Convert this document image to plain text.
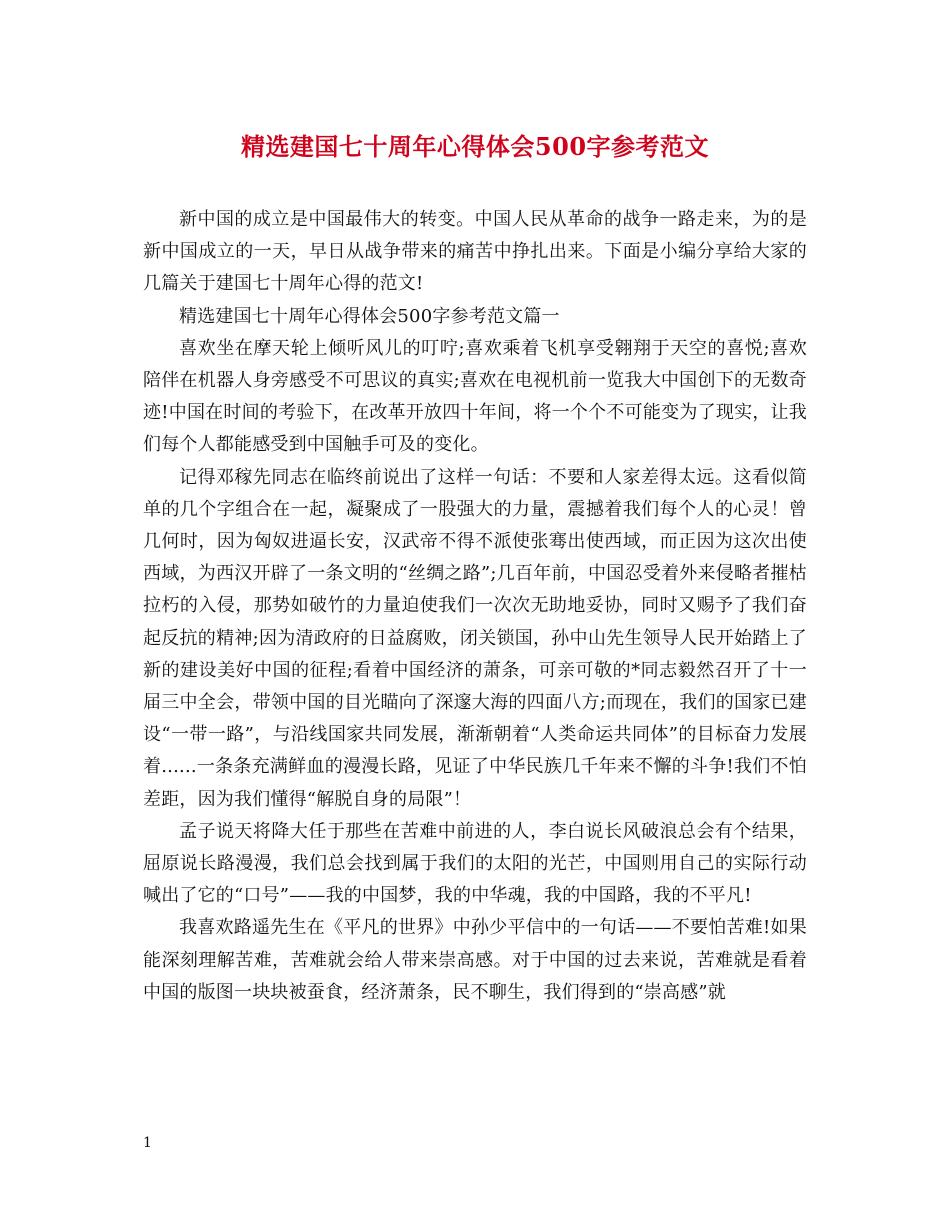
精选建国七十周年心得体会500字参考范文

新中国的成立是中国最伟大的转变。中国人民从革命的战争一路走来，为的是新中国成立的一天，早日从战争带来的痛苦中挣扎出来。下面是小编分享给大家的几篇关于建国七十周年心得的范文!

精选建国七十周年心得体会500字参考范文篇一

喜欢坐在摩天轮上倾听风儿的叮咛;喜欢乘着飞机享受翱翔于天空的喜悦;喜欢陪伴在机器人身旁感受不可思议的真实;喜欢在电视机前一览我大中国创下的无数奇迹!中国在时间的考验下，在改革开放四十年间，将一个个不可能变为了现实，让我们每个人都能感受到中国触手可及的变化。

记得邓稼先同志在临终前说出了这样一句话：不要和人家差得太远。这看似简单的几个字组合在一起，凝聚成了一股强大的力量，震撼着我们每个人的心灵！曾几何时，因为匈奴进逼长安，汉武帝不得不派使张骞出使西域，而正因为这次出使西域，为西汉开辟了一条文明的“丝绸之路”;几百年前，中国忍受着外来侵略者摧枯拉朽的入侵，那势如破竹的力量迫使我们一次次无助地妥协，同时又赐予了我们奋起反抗的精神;因为清政府的日益腐败，闭关锁国，孙中山先生领导人民开始踏上了新的建设美好中国的征程;看着中国经济的萧条，可亲可敬的*同志毅然召开了十一届三中全会，带领中国的目光瞄向了深邃大海的四面八方;而现在，我们的国家已建设“一带一路”，与沿线国家共同发展，渐渐朝着“人类命运共同体”的目标奋力发展着......一条条充满鲜血的漫漫长路，见证了中华民族几千年来不懈的斗争!我们不怕差距，因为我们懂得“解脱自身的局限”！

孟子说天将降大任于那些在苦难中前进的人，李白说长风破浪总会有个结果，屈原说长路漫漫，我们总会找到属于我们的太阳的光芒，中国则用自己的实际行动喊出了它的“口号”——我的中国梦，我的中华魂，我的中国路，我的不平凡!

我喜欢路遥先生在《平凡的世界》中孙少平信中的一句话——不要怕苦难!如果能深刻理解苦难，苦难就会给人带来崇高感。对于中国的过去来说，苦难就是看着中国的版图一块块被蚕食，经济萧条，民不聊生，我们得到的“崇高感”就

1
